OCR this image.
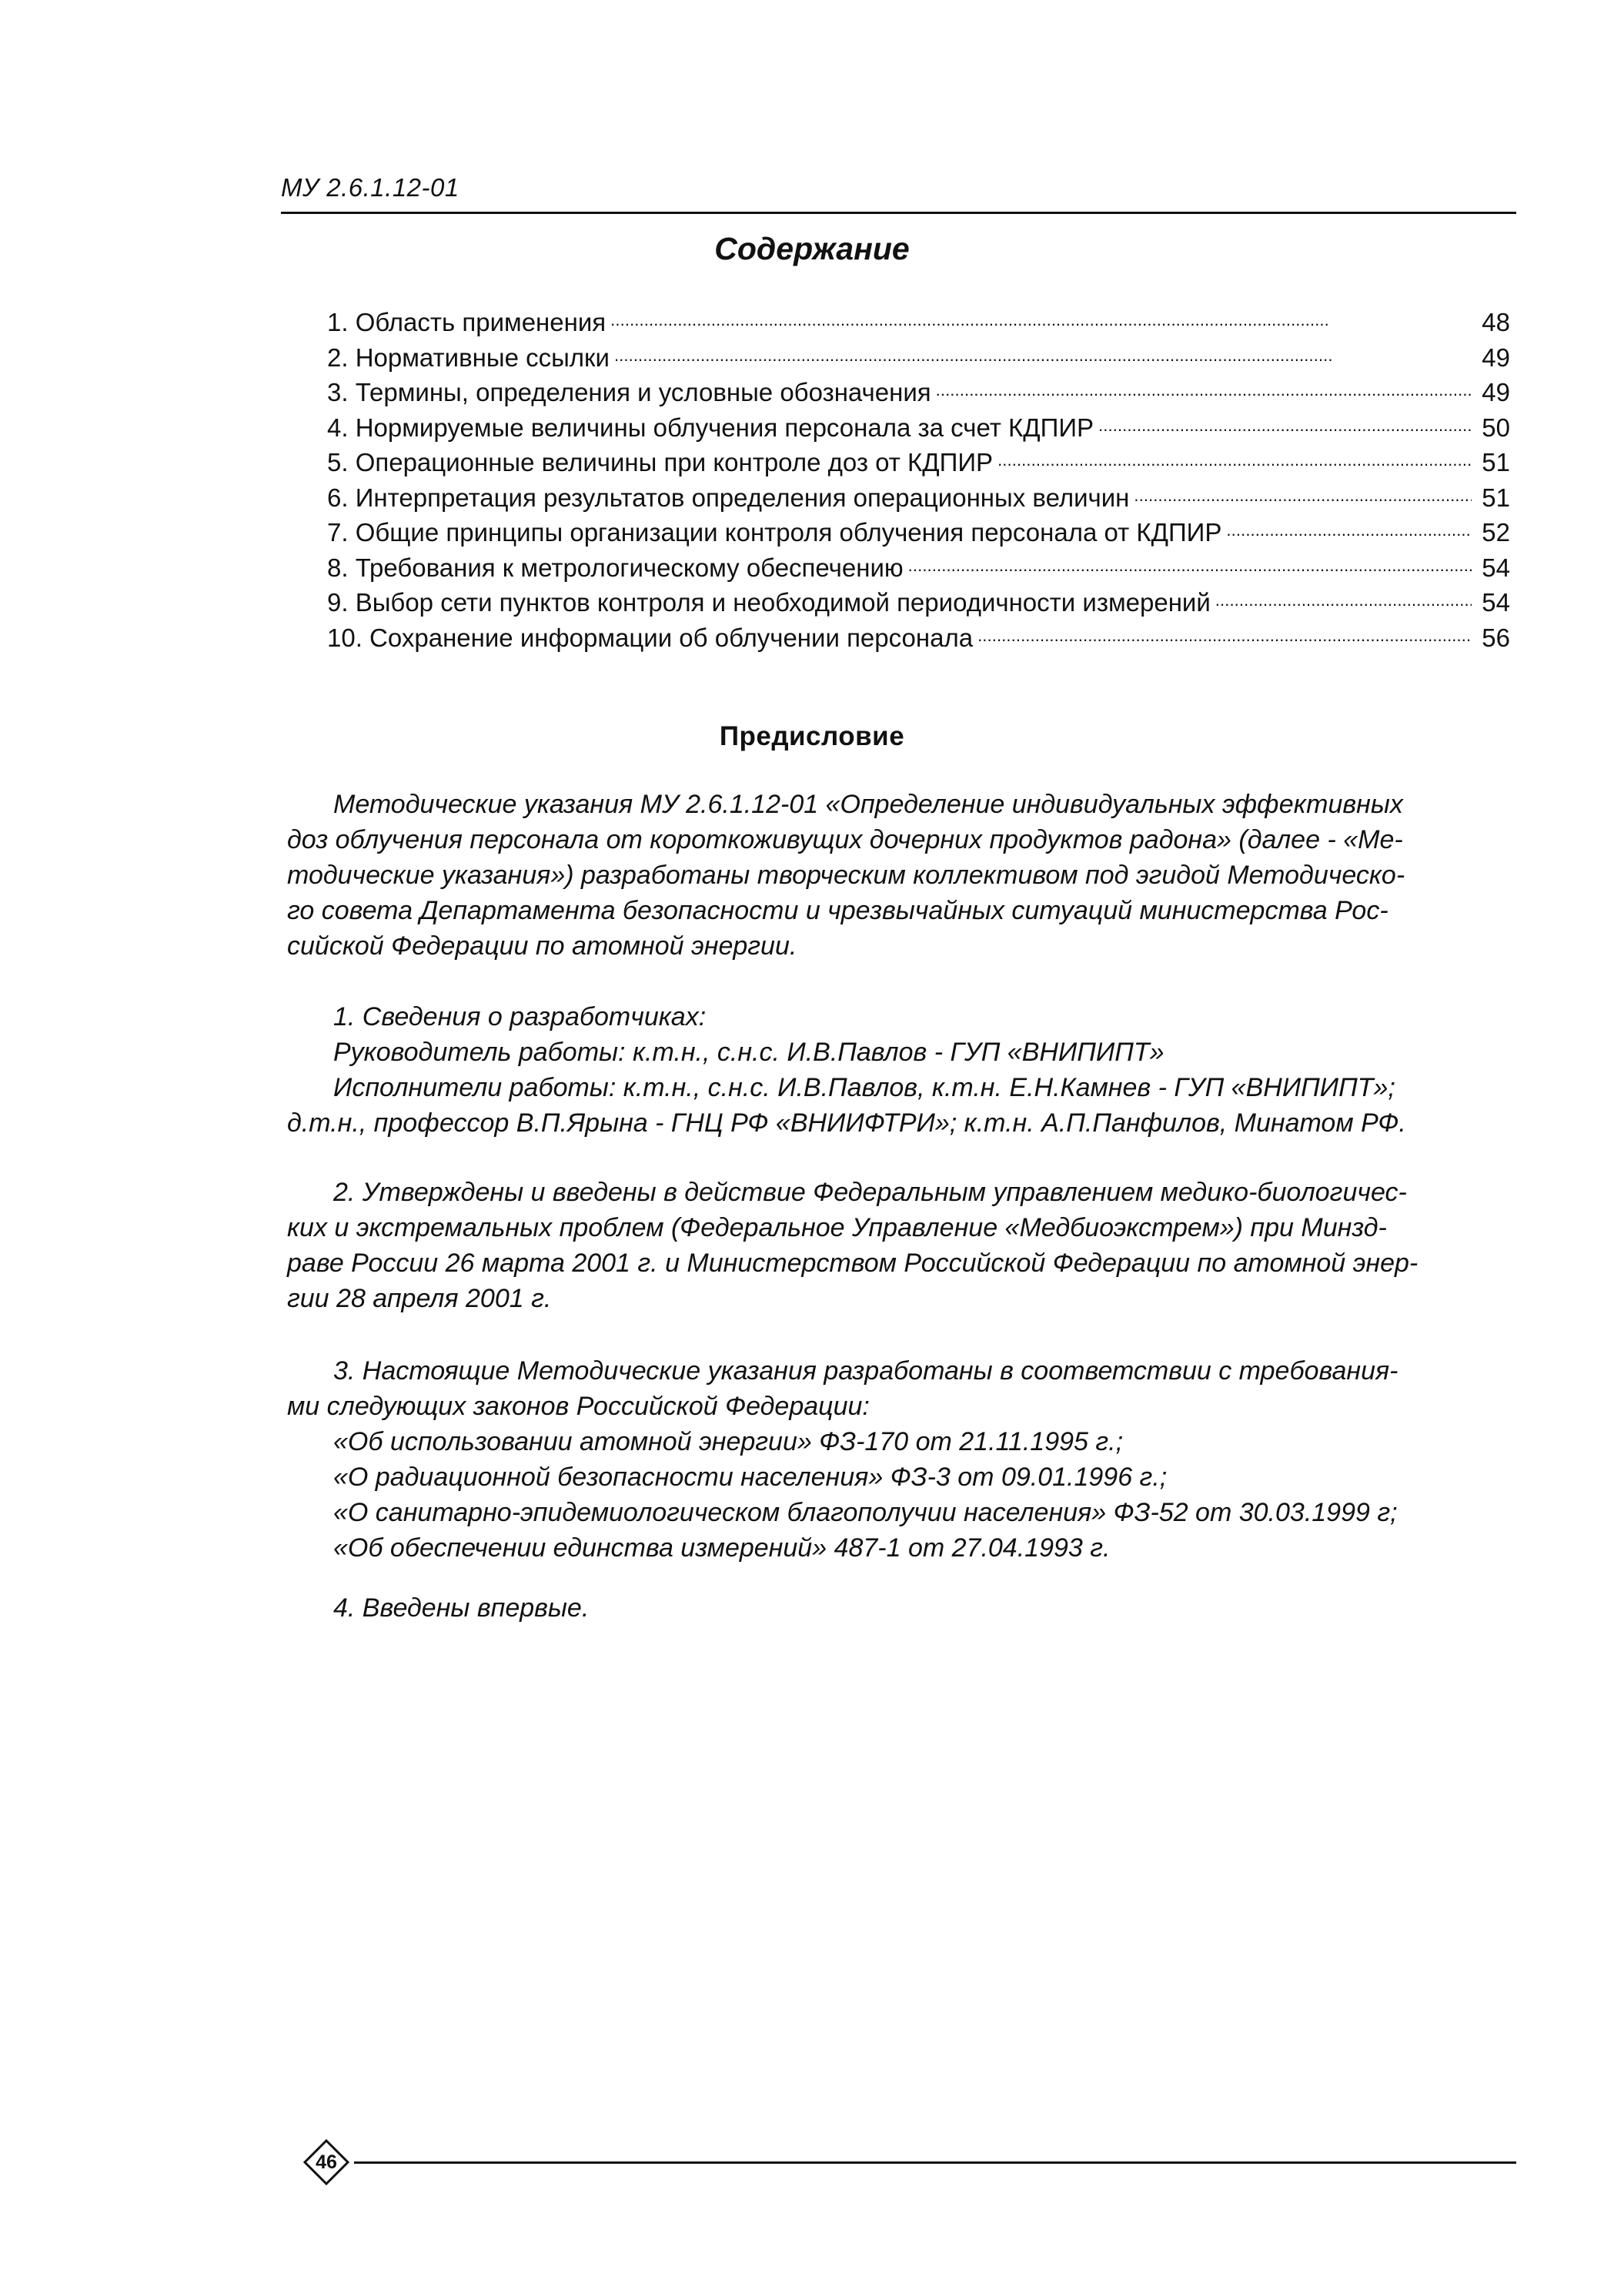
МУ 2.6.1.12-01
Содержание
1. Область применения . . .	48
2. Нормативные ссылки . . .	49
3. Термины, определения и условные обозначения . . .	49
4. Нормируемые величины облучения персонала за счет КДПИР . . .	50
5. Операционные величины при контроле доз от КДПИР . . .	51
6. Интерпретация результатов определения операционных величин . . .	51
7. Общие принципы организации контроля облучения персонала от КДПИР . . .	52
8. Требования к метрологическому обеспечению . . .	54
9. Выбор сети пунктов контроля и необходимой периодичности измерений . . .	54
10. Сохранение информации об облучении персонала . . .	56
Предисловие
Методические указания МУ 2.6.1.12-01 «Определение индивидуальных эффективных
доз облучения персонала от короткоживущих дочерних продуктов радона» (далее - «Ме-
тодические указания») разработаны творческим коллективом под эгидой Методическо-
го совета Департамента безопасности и чрезвычайных ситуаций министерства Рос-
сийской Федерации по атомной энергии.
1. Сведения о разработчиках:
Руководитель работы: к.т.н., с.н.с. И.В.Павлов - ГУП «ВНИПИПТ»
Исполнители работы: к.т.н., с.н.с. И.В.Павлов, к.т.н. Е.Н.Камнев - ГУП «ВНИПИПТ»;
д.т.н., профессор В.П.Ярына - ГНЦ РФ «ВНИИФТРИ»; к.т.н. А.П.Панфилов, Минатом РФ.
2. Утверждены и введены в действие Федеральным управлением медико-биологичес-
ких и экстремальных проблем (Федеральное Управление «Медбиоэкстрем») при Минзд-
раве России 26 марта 2001 г. и Министерством Российской Федерации по атомной энер-
гии 28 апреля 2001 г.
3. Настоящие Методические указания разработаны в соответствии с требования-
ми следующих законов Российской Федерации:
«Об использовании атомной энергии» ФЗ-170 от 21.11.1995 г.;
«О радиационной безопасности населения» ФЗ-3 от 09.01.1996 г.;
«О санитарно-эпидемиологическом благополучии населения» ФЗ-52 от 30.03.1999 г;
«Об обеспечении единства измерений» 487-1 от 27.04.1993 г.
4. Введены впервые.
46
